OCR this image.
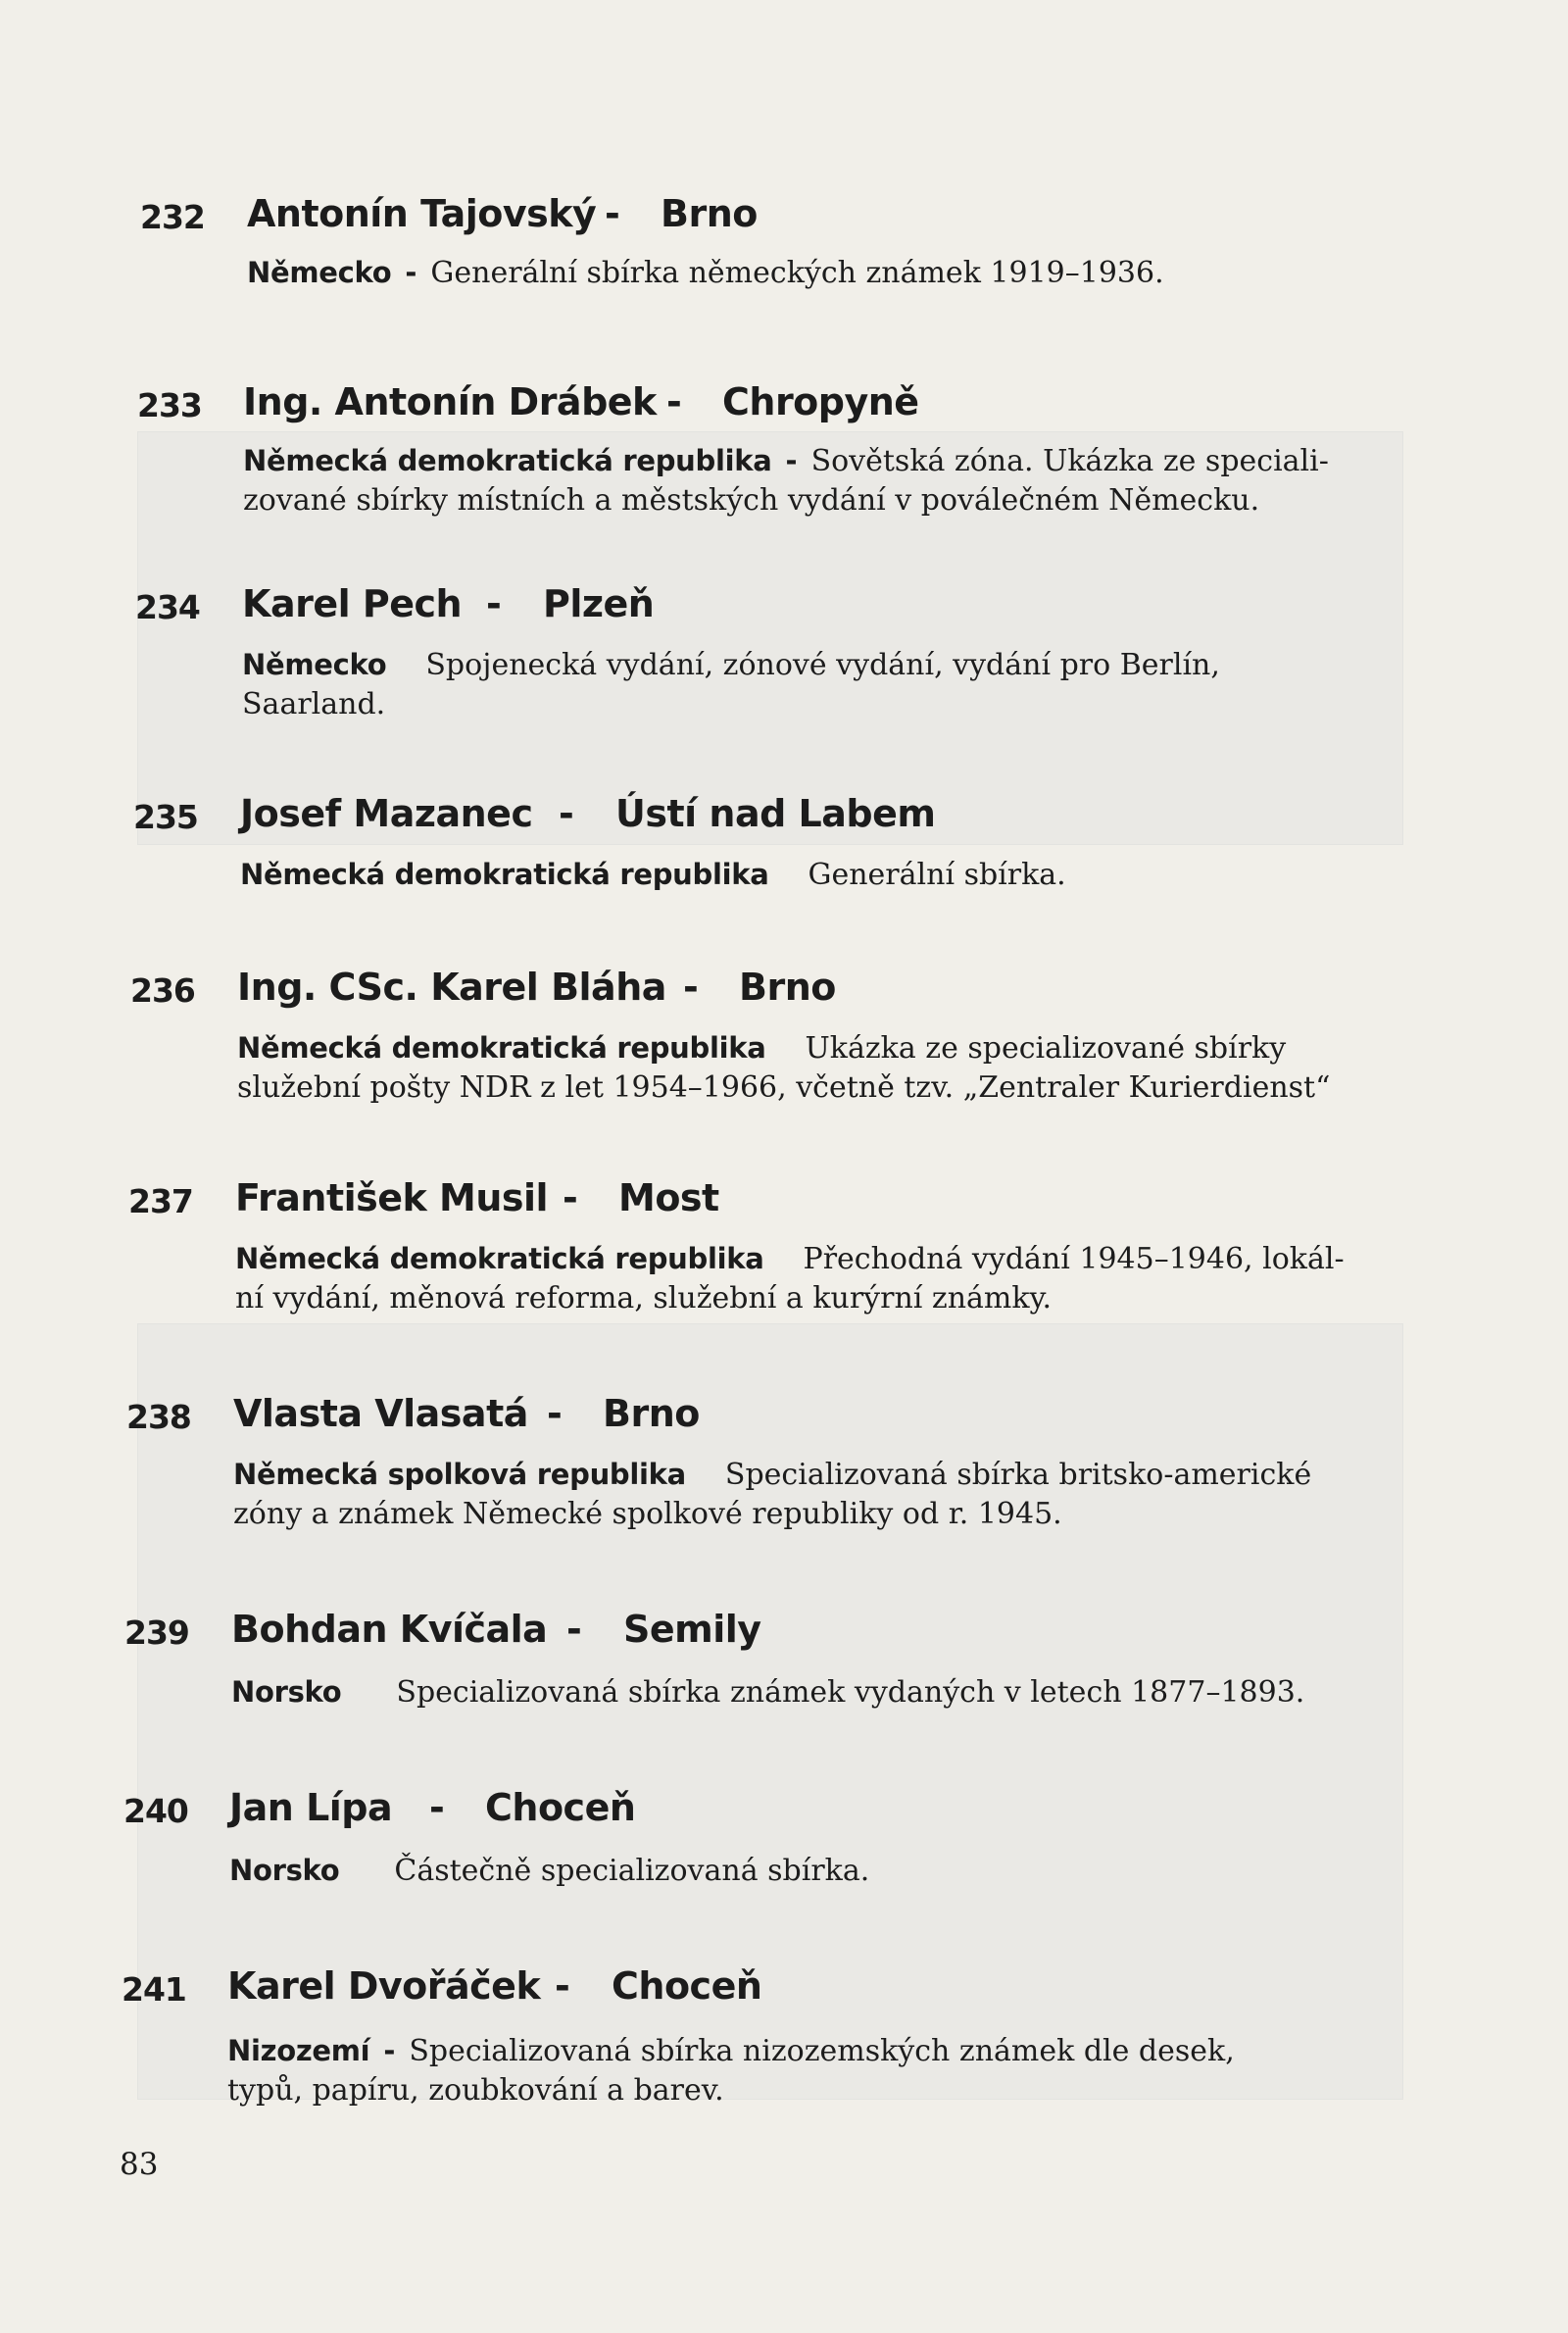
232 Antonín Tajovský - Brno
Německo - Generální sbírka německých známek 1919–1936.
233 Ing. Antonín Drábek - Chropyně
Německá demokratická republika - Sovětská zóna. Ukázka ze speciali-
zované sbírky místních a městských vydání v poválečném Německu.
234 Karel Pech - Plzeň
Německo Spojenecká vydání, zónové vydání, vydání pro Berlín,
Saarland.
235 Josef Mazanec - Ústí nad Labem
Německá demokratická republika Generální sbírka.
236 Ing. CSc. Karel Bláha - Brno
Německá demokratická republika Ukázka ze specializované sbírky
služební pošty NDR z let 1954–1966, včetně tzv. „Zentraler Kurierdienst“
237 František Musil - Most
Německá demokratická republika Přechodná vydání 1945–1946, lokál-
ní vydání, měnová reforma, služební a kurýrní známky.
238 Vlasta Vlasatá - Brno
Německá spolková republika Specializovaná sbírka britsko-americké
zóny a známek Německé spolkové republiky od r. 1945.
239 Bohdan Kvíčala - Semily
Norsko Specializovaná sbírka známek vydaných v letech 1877–1893.
240 Jan Lípa - Choceň
Norsko Částečně specializovaná sbírka.
241 Karel Dvořáček - Choceň
Nizozemí - Specializovaná sbírka nizozemských známek dle desek,
typů, papíru, zoubkování a barev.
83
